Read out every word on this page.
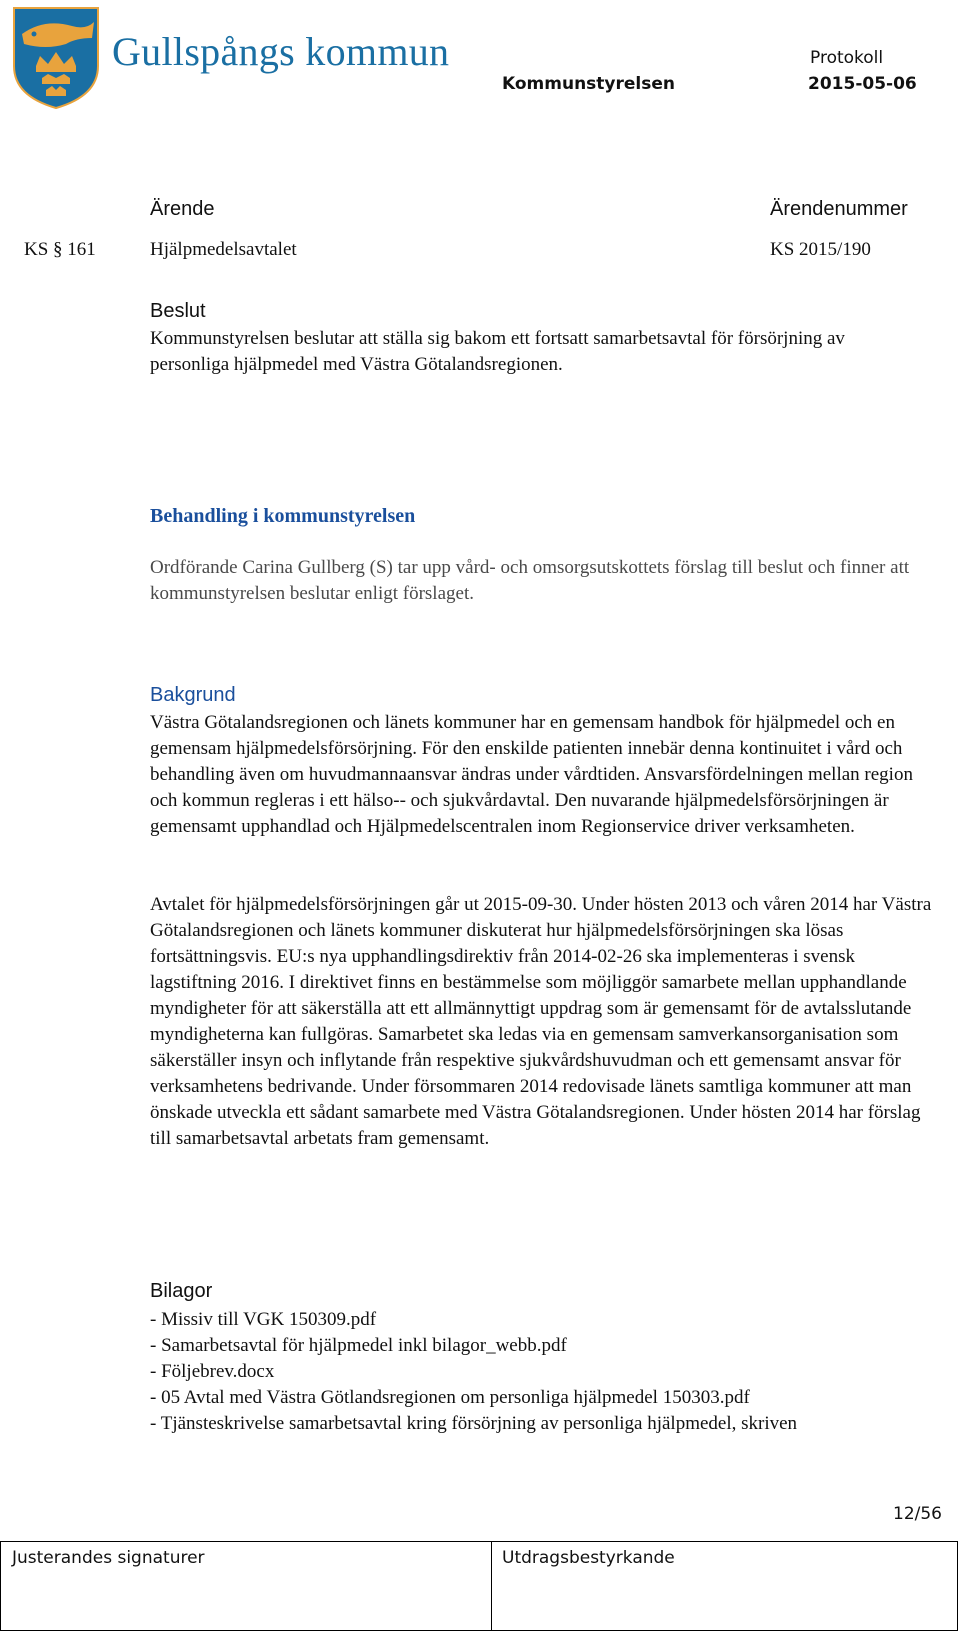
Gullspångs kommun	Protokoll
Kommunstyrelsen	2015-05-06
Ärende	Ärendenummer
KS § 161	Hjälpmedelsavtalet	KS 2015/190
Beslut
Kommunstyrelsen beslutar att ställa sig bakom ett fortsatt samarbetsavtal för försörjning av personliga hjälpmedel med Västra Götalandsregionen.
Behandling i kommunstyrelsen
Ordförande Carina Gullberg (S) tar upp vård- och omsorgsutskottets förslag till beslut och finner att kommunstyrelsen beslutar enligt förslaget.
Bakgrund
Västra Götalandsregionen och länets kommuner har en gemensam handbok för hjälpmedel och en gemensam hjälpmedelsförsörjning. För den enskilde patienten innebär denna kontinuitet i vård och behandling även om huvudmannaansvar ändras under vårdtiden. Ansvarsfördelningen mellan region och kommun regleras i ett hälso-- och sjukvårdavtal. Den nuvarande hjälpmedelsförsörjningen är gemensamt upphandlad och Hjälpmedelscentralen inom Regionservice driver verksamheten.
Avtalet för hjälpmedelsförsörjningen går ut 2015-09-30. Under hösten 2013 och våren 2014 har Västra Götalandsregionen och länets kommuner diskuterat hur hjälpmedelsförsörjningen ska lösas fortsättningsvis. EU:s nya upphandlingsdirektiv från 2014-02-26 ska implementeras i svensk lagstiftning 2016. I direktivet finns en bestämmelse som möjliggör samarbete mellan upphandlande myndigheter för att säkerställa att ett allmännyttigt uppdrag som är gemensamt för de avtalsslutande myndigheterna kan fullgöras. Samarbetet ska ledas via en gemensam samverkansorganisation som säkerställer insyn och inflytande från respektive sjukvårdshuvudman och ett gemensamt ansvar för verksamhetens bedrivande. Under försommaren 2014 redovisade länets samtliga kommuner att man önskade utveckla ett sådant samarbete med Västra Götalandsregionen. Under hösten 2014 har förslag till samarbetsavtal arbetats fram gemensamt.
Bilagor
- Missiv till VGK 150309.pdf
- Samarbetsavtal för hjälpmedel inkl bilagor_webb.pdf
- Följebrev.docx
- 05 Avtal med Västra Götlandsregionen om personliga hjälpmedel 150303.pdf
- Tjänsteskrivelse samarbetsavtal kring försörjning av personliga hjälpmedel, skriven
12/56
Justerandes signaturer	Utdragsbestyrkande
